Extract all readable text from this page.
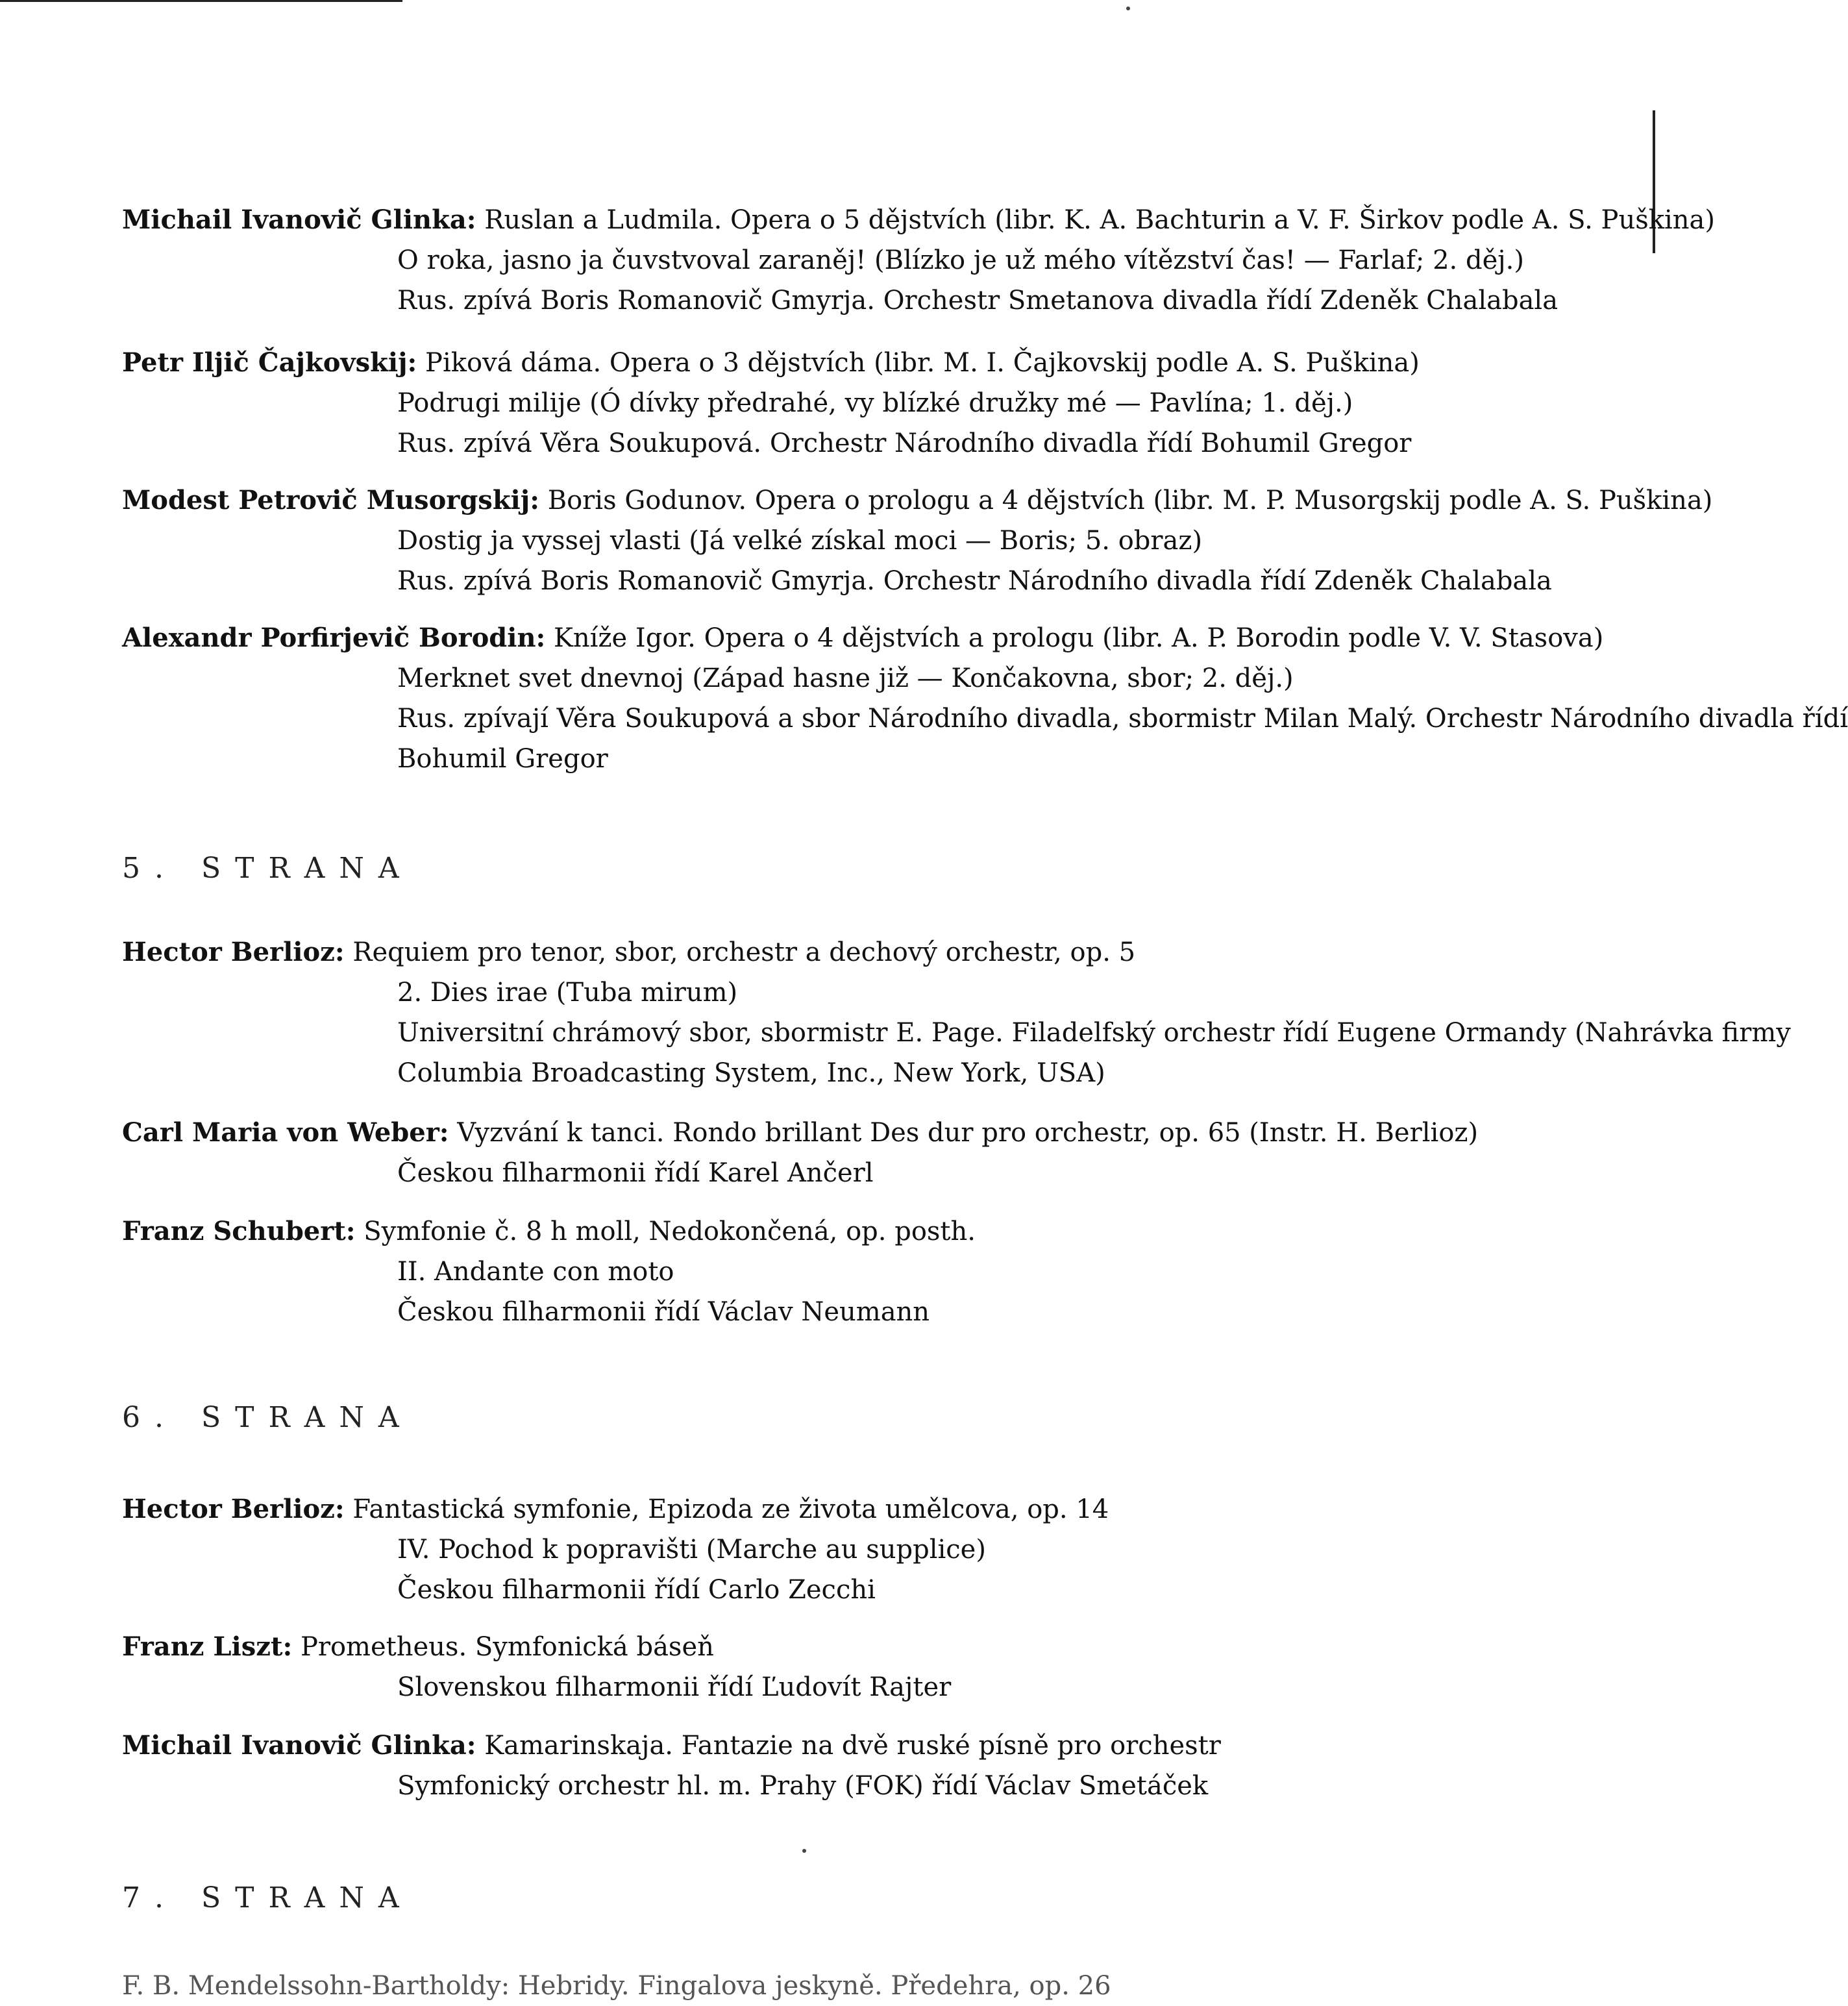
Michail Ivanovič Glinka: Ruslan a Ludmila. Opera o 5 dějstvích (libr. K. A. Bachturin a V. F. Širkov podle A. S. Puškina)
O roka, jasno ja čuvstvoval zaraněj! (Blízko je už mého vítězství čas! — Farlaf; 2. děj.)
Rus. zpívá Boris Romanovič Gmyrja. Orchestr Smetanova divadla řídí Zdeněk Chalabala
Petr Iljič Čajkovskij: Piková dáma. Opera o 3 dějstvích (libr. M. I. Čajkovskij podle A. S. Puškina)
Podrugi milije (Ó dívky předrahé, vy blízké družky mé — Pavlína; 1. děj.)
Rus. zpívá Věra Soukupová. Orchestr Národního divadla řídí Bohumil Gregor
Modest Petrovič Musorgskij: Boris Godunov. Opera o prologu a 4 dějstvích (libr. M. P. Musorgskij podle A. S. Puškina)
Dostig ja vyssej vlasti (Já velké získal moci — Boris; 5. obraz)
Rus. zpívá Boris Romanovič Gmyrja. Orchestr Národního divadla řídí Zdeněk Chalabala
Alexandr Porfirjevič Borodin: Kníže Igor. Opera o 4 dějstvích a prologu (libr. A. P. Borodin podle V. V. Stasova)
Merknet svet dnevnoj (Západ hasne již — Končakovna, sbor; 2. děj.)
Rus. zpívají Věra Soukupová a sbor Národního divadla, sbormistr Milan Malý. Orchestr Národního divadla řídí
Bohumil Gregor
5. STRANA
Hector Berlioz: Requiem pro tenor, sbor, orchestr a dechový orchestr, op. 5
2. Dies irae (Tuba mirum)
Universitní chrámový sbor, sbormistr E. Page. Filadelfský orchestr řídí Eugene Ormandy (Nahrávka firmy
Columbia Broadcasting System, Inc., New York, USA)
Carl Maria von Weber: Vyzvání k tanci. Rondo brillant Des dur pro orchestr, op. 65 (Instr. H. Berlioz)
Českou filharmonii řídí Karel Ančerl
Franz Schubert: Symfonie č. 8 h moll, Nedokončená, op. posth.
II. Andante con moto
Českou filharmonii řídí Václav Neumann
6. STRANA
Hector Berlioz: Fantastická symfonie, Epizoda ze života umělcova, op. 14
IV. Pochod k popravišti (Marche au supplice)
Českou filharmonii řídí Carlo Zecchi
Franz Liszt: Prometheus. Symfonická báseň
Slovenskou filharmonii řídí Ľudovít Rajter
Michail Ivanovič Glinka: Kamarinskaja. Fantazie na dvě ruské písně pro orchestr
Symfonický orchestr hl. m. Prahy (FOK) řídí Václav Smetáček
7. STRANA
F. B. Mendelssohn-Bartholdy: Hebridy. Fingalova jeskyně. Předehra, op. 26
